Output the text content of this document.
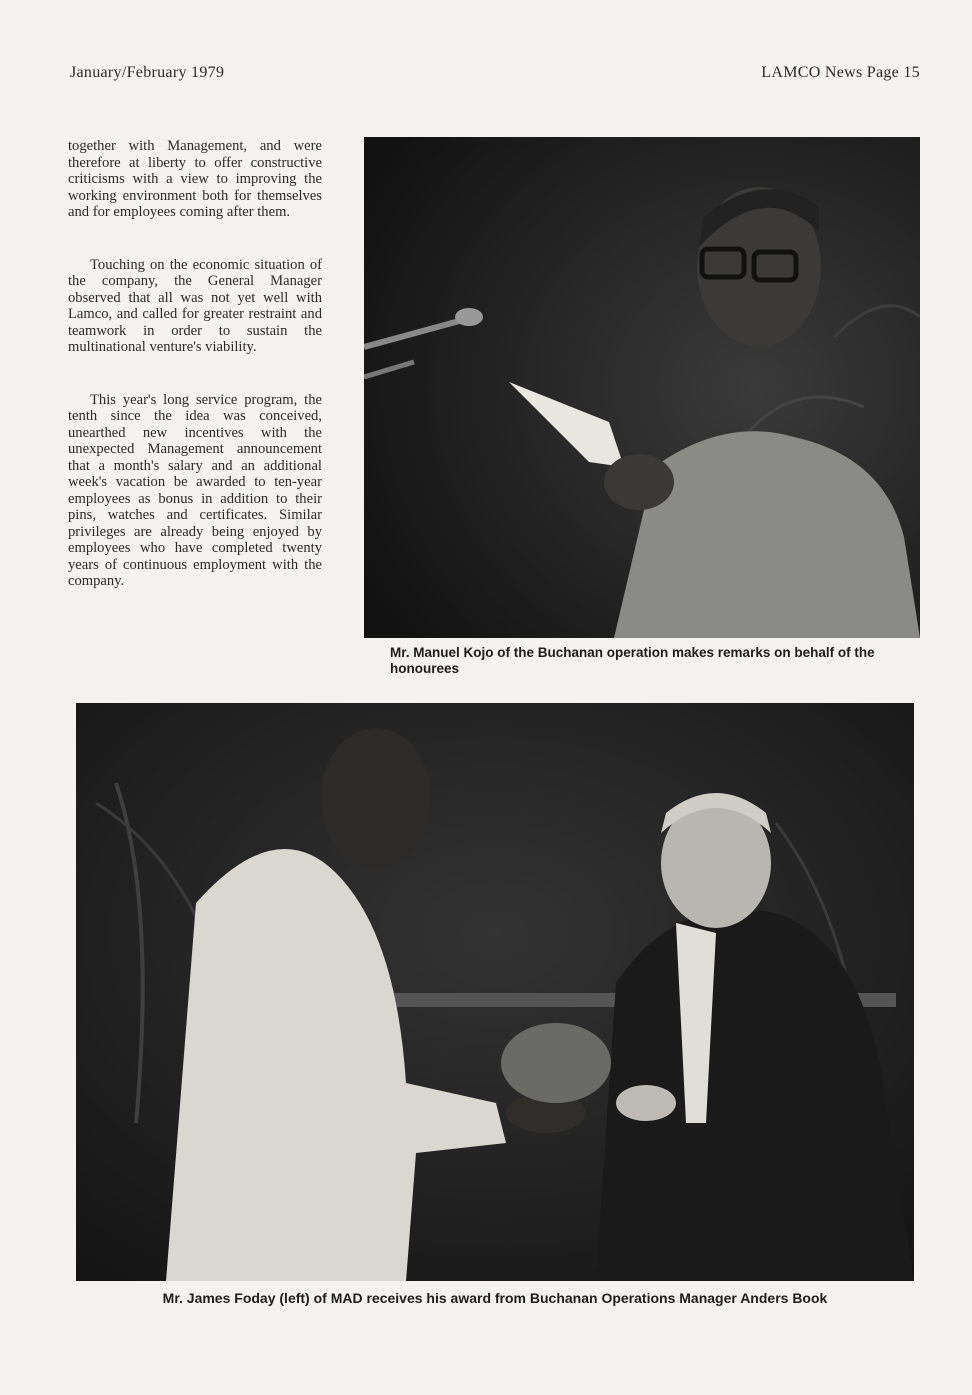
January/February 1979	LAMCO News Page 15

together with Management, and were therefore at liberty to offer constructive criticisms with a view to improving the working environment both for themselves and for employees coming after them.

Touching on the economic situation of the company, the General Manager observed that all was not yet well with Lamco, and called for greater restraint and teamwork in order to sustain the multinational venture's viability.

This year's long service program, the tenth since the idea was conceived, unearthed new incentives with the unexpected Management announcement that a month's salary and an additional week's vacation be awarded to ten-year employees as bonus in addition to their pins, watches and certificates. Similar privileges are already being enjoyed by employees who have completed twenty years of continuous employment with the company.

Mr. Manuel Kojo of the Buchanan operation makes remarks on behalf of the honourees
Mr. James Foday (left) of MAD receives his award from Buchanan Operations Manager Anders Book
